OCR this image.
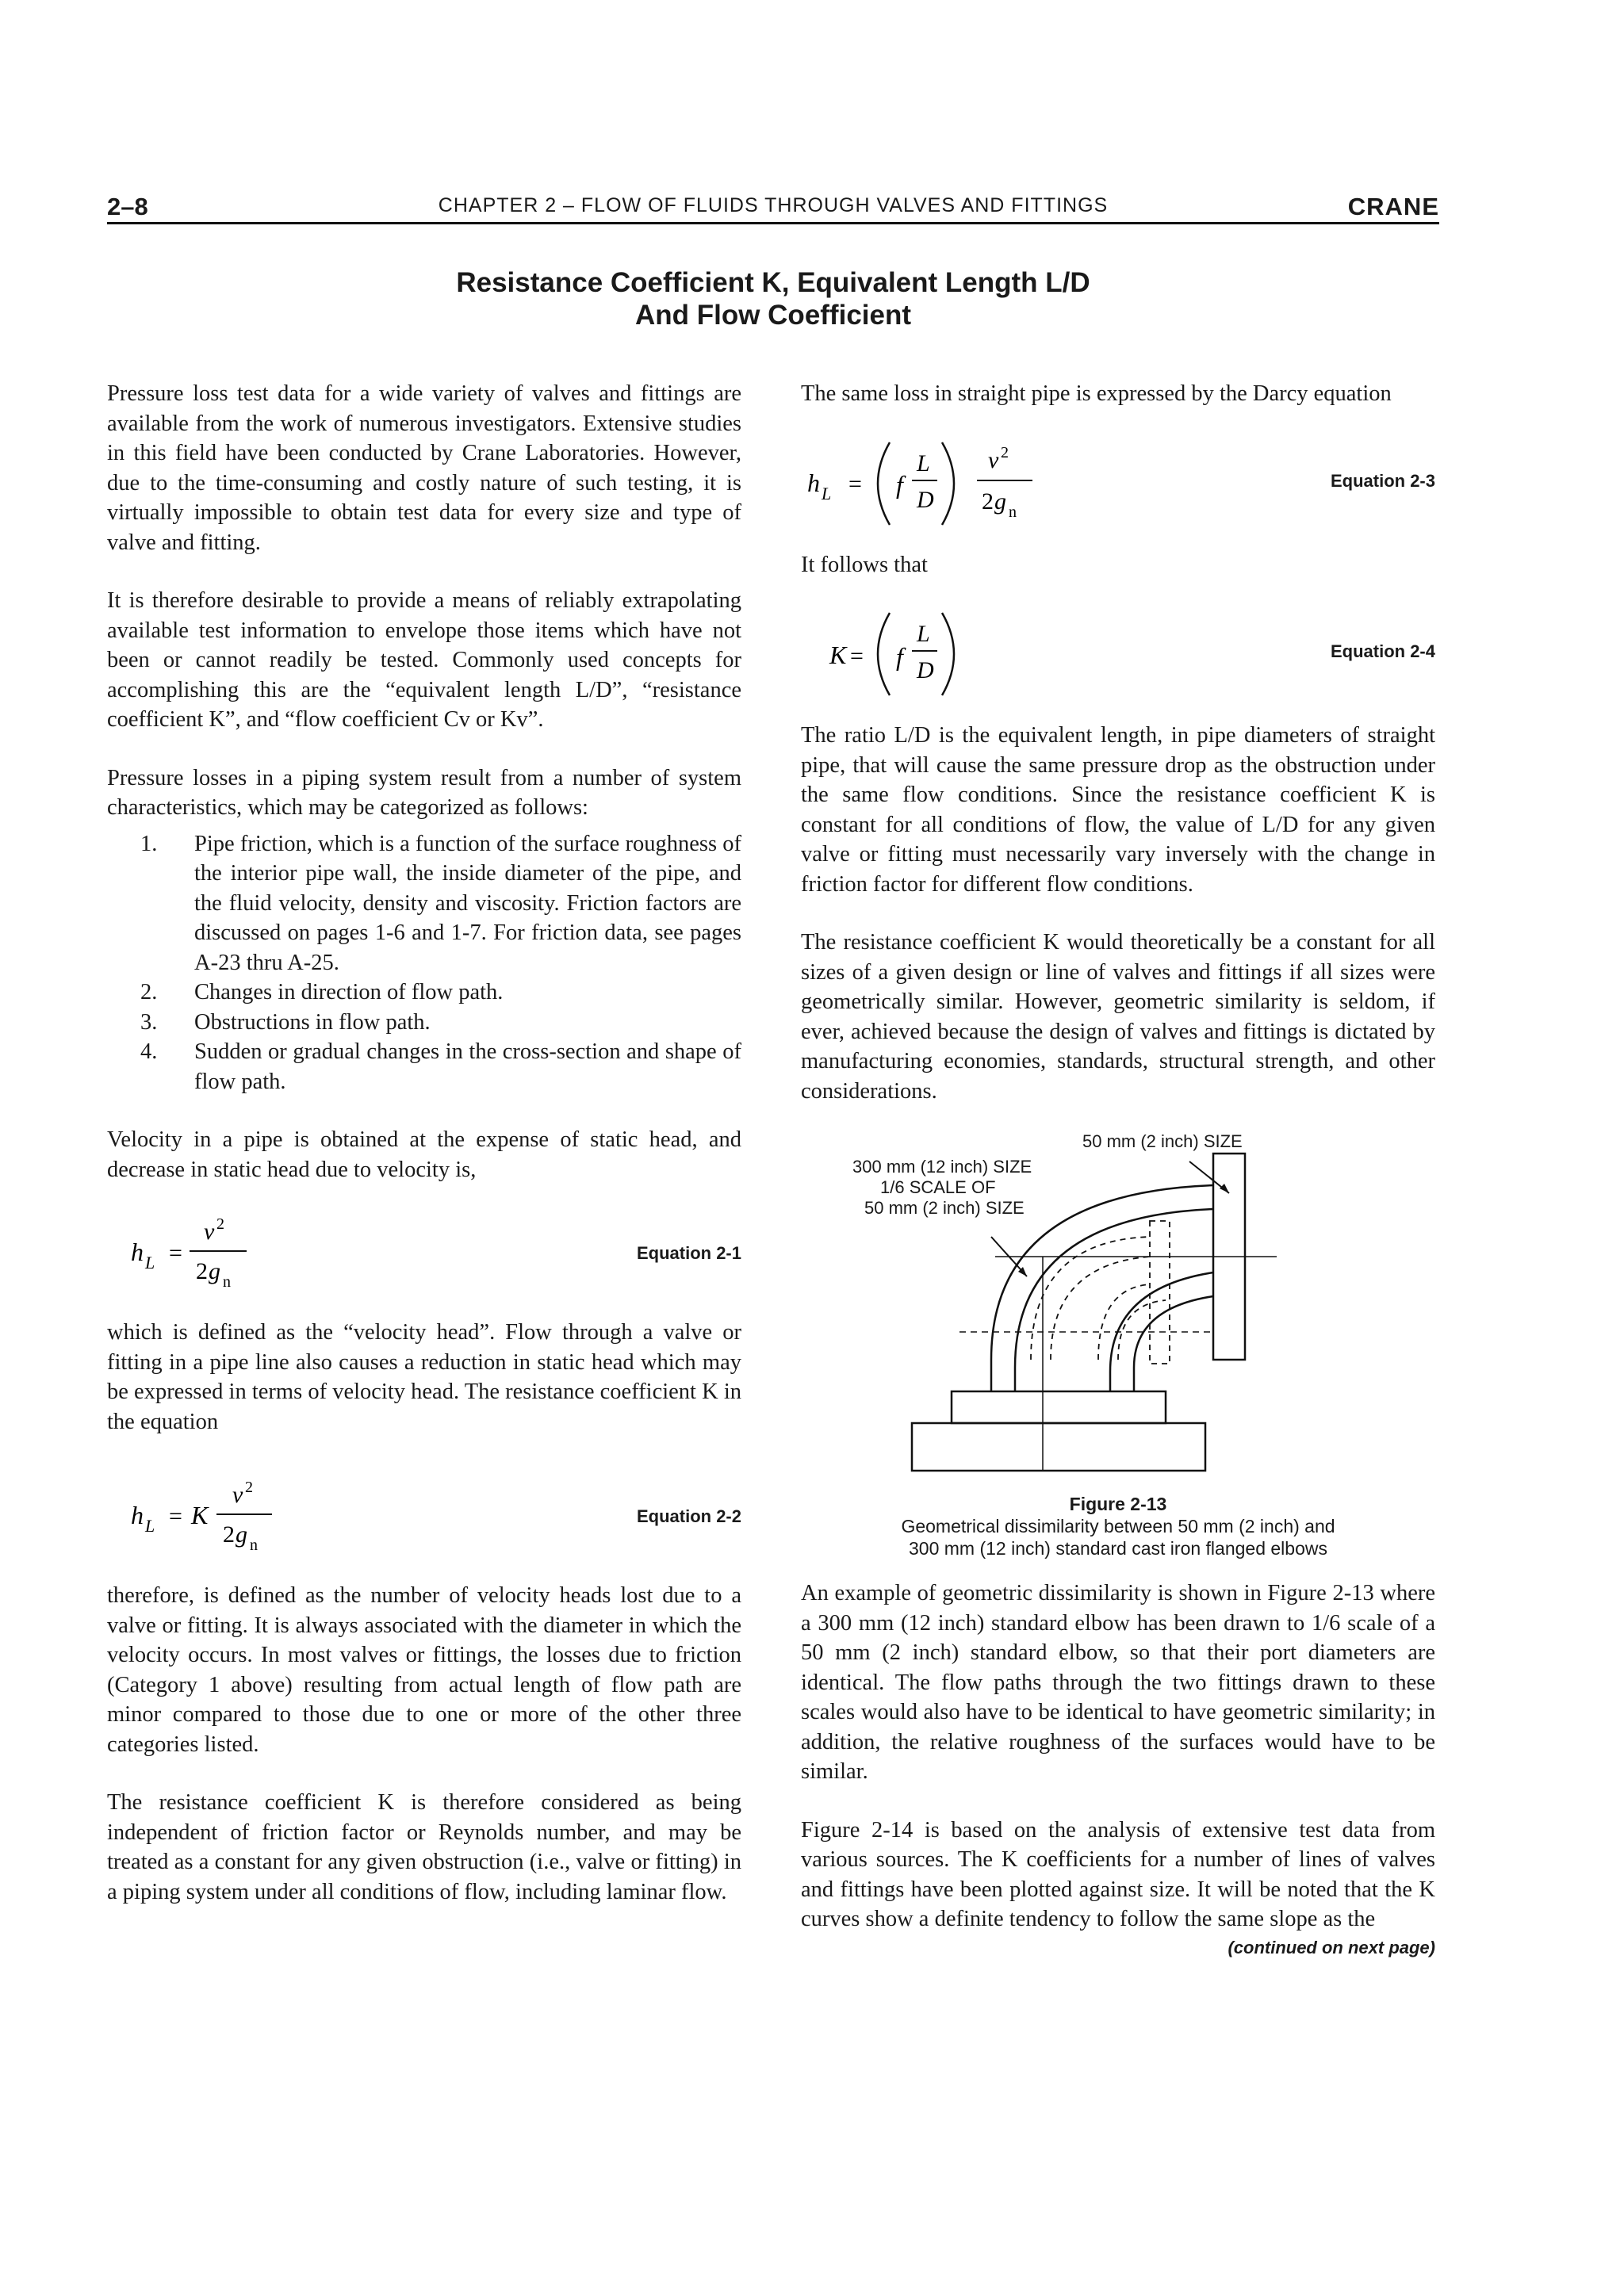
2–8	CHAPTER 2 – FLOW OF FLUIDS THROUGH VALVES AND FITTINGS	CRANE
Resistance Coefficient K, Equivalent Length L/D
And Flow Coefficient

Pressure loss test data for a wide variety of valves and fittings are available from the work of numerous investigators. Extensive studies in this field have been conducted by Crane Laboratories. However, due to the time-consuming and costly nature of such testing, it is virtually impossible to obtain test data for every size and type of valve and fitting.

It is therefore desirable to provide a means of reliably extrapolating available test information to envelope those items which have not been or cannot readily be tested. Commonly used concepts for accomplishing this are the “equivalent length L/D”, “resistance coefficient K”, and “flow coefficient Cv or Kv”.

Pressure losses in a piping system result from a number of system characteristics, which may be categorized as follows:

1.	Pipe friction, which is a function of the surface roughness of the interior pipe wall, the inside diameter of the pipe, and the fluid velocity, density and viscosity. Friction factors are discussed on pages 1-6 and 1-7. For friction data, see pages A-23 thru A-25.
2.	Changes in direction of flow path.
3.	Obstructions in flow path.
4.	Sudden or gradual changes in the cross-section and shape of flow path.

Velocity in a pipe is obtained at the expense of static head, and decrease in static head due to velocity is,

h L =
v 2
2 g n
Equation 2-1

which is defined as the “velocity head”. Flow through a valve or fitting in a pipe line also causes a reduction in static head which may be expressed in terms of velocity head. The resistance coefficient K in the equation

h L = K
v 2
2 g n
Equation 2-2

therefore, is defined as the number of velocity heads lost due to a valve or fitting. It is always associated with the diameter in which the velocity occurs. In most valves or fittings, the losses due to friction (Category 1 above) resulting from actual length of flow path are minor compared to those due to one or more of the other three categories listed.

The resistance coefficient K is therefore considered as being independent of friction factor or Reynolds number, and may be treated as a constant for any given obstruction (i.e., valve or fitting) in a piping system under all conditions of flow, including laminar flow.

The same loss in straight pipe is expressed by the Darcy equation

h L = f
L
D
v 2
2 g n
Equation 2-3

It follows that

K = f
L
D
Equation 2-4

The ratio L/D is the equivalent length, in pipe diameters of straight pipe, that will cause the same pressure drop as the obstruction under the same flow conditions. Since the resistance coefficient K is constant for all conditions of flow, the value of L/D for any given valve or fitting must necessarily vary inversely with the change in friction factor for different flow conditions.

The resistance coefficient K would theoretically be a constant for all sizes of a given design or line of valves and fittings if all sizes were geometrically similar. However, geometric similarity is seldom, if ever, achieved because the design of valves and fittings is dictated by manufacturing economies, standards, structural strength, and other considerations.

50 mm (2 inch) SIZE
300 mm (12 inch) SIZE
1/6 SCALE OF
50 mm (2 inch) SIZE
Figure 2-13
Geometrical dissimilarity between 50 mm (2 inch) and
300 mm (12 inch) standard cast iron flanged elbows

An example of geometric dissimilarity is shown in Figure 2-13 where a 300 mm (12 inch) standard elbow has been drawn to 1/6 scale of a 50 mm (2 inch) standard elbow, so that their port diameters are identical. The flow paths through the two fittings drawn to these scales would also have to be identical to have geometric similarity; in addition, the relative roughness of the surfaces would have to be similar.

Figure 2-14 is based on the analysis of extensive test data from various sources. The K coefficients for a number of lines of valves and fittings have been plotted against size. It will be noted that the K curves show a definite tendency to follow the same slope as the

(continued on next page)
